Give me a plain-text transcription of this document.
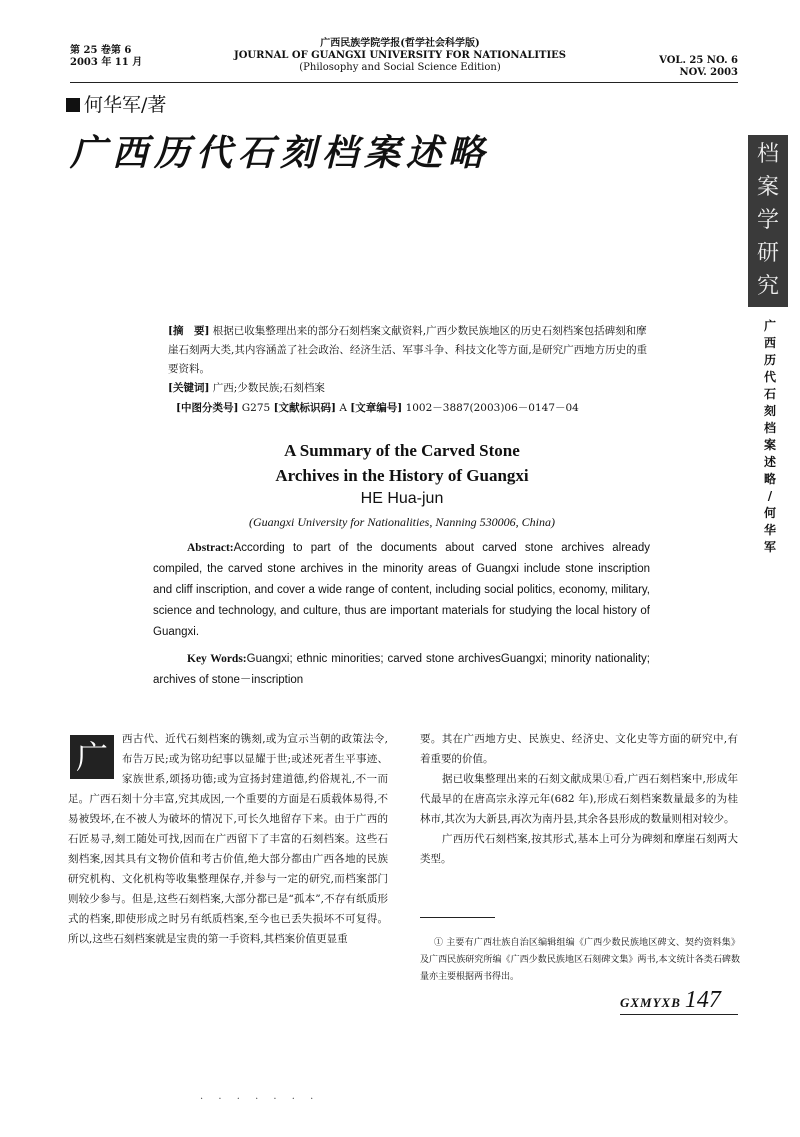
第 25 卷第 6
2003 年 11 月
广西民族学院学报(哲学社会科学版)
JOURNAL OF GUANGXI UNIVERSITY FOR NATIONALITIES
(Philosophy and Social Science Edition)
VOL. 25 NO. 6
NOV. 2003
何华军/著
广西历代石刻档案述略	档
案
学
研
究
广
西
历
代
石
刻
档
案
述
略
/
何
华
军

[摘　要] 根据已收集整理出来的部分石刻档案文献资料,广西少数民族地区的历史石刻档案包括碑刻和摩崖石刻两大类,其内容涵盖了社会政治、经济生活、军事斗争、科技文化等方面,是研究广西地方历史的重要资料。

[关键词] 广西;少数民族;石刻档案

[中图分类号] G275 [文献标识码] A [文章编号] 1002－3887(2003)06－0147－04
A Summary of the Carved Stone
Archives in the History of Guangxi
HE Hua-jun
(Guangxi University for Nationalities, Nanning 530006, China)

Abstract:According to part of the documents about carved stone archives already compiled, the carved stone archives in the minority areas of Guangxi include stone inscription and cliff inscription, and cover a wide range of content, including social politics, economy, military, science and technology, and culture, thus are important materials for studying the local history of Guangxi.

Key Words:Guangxi; ethnic minorities; carved stone archivesGuangxi; minority nationality; archives of stone－inscription

广	西古代、近代石刻档案的镌刻,或为宣示当朝的政策法令,布告万民;或为铭功纪事以显耀于世;或述死者生平事迹、家族世系,颂扬功德;或为宣扬封建道德,约俗规礼,不一而足。广西石刻十分丰富,究其成因,一个重要的方面是石质载体易得,不易被毁坏,在不被人为破坏的情况下,可长久地留存下来。由于广西的石匠易寻,刻工随处可找,因而在广西留下了丰富的石刻档案。这些石刻档案,因其具有文物价值和考古价值,绝大部分都由广西各地的民族研究机构、文化机构等收集整理保存,并参与一定的研究,而档案部门则较少参与。但是,这些石刻档案,大部分都已是“孤本”,不存有纸质形式的档案,即使形成之时另有纸质档案,至今也已丢失损坏不可复得。所以,这些石刻档案就是宝贵的第一手资料,其档案价值更显重

要。其在广西地方史、民族史、经济史、文化史等方面的研究中,有着重要的价值。

据已收集整理出来的石刻文献成果①看,广西石刻档案中,形成年代最早的在唐高宗永淳元年(682 年),形成石刻档案数量最多的为桂林市,其次为大新县,再次为南丹县,其余各县形成的数量则相对较少。

广西历代石刻档案,按其形式,基本上可分为碑刻和摩崖石刻两大类型。

① 主要有广西壮族自治区编辑组编《广西少数民族地区碑文、契约资料集》及广西民族研究所编《广西少数民族地区石刻碑文集》两书,本文统计各类石碑数量亦主要根据两书得出。

GXMYXB 147
· · · · · · ·
